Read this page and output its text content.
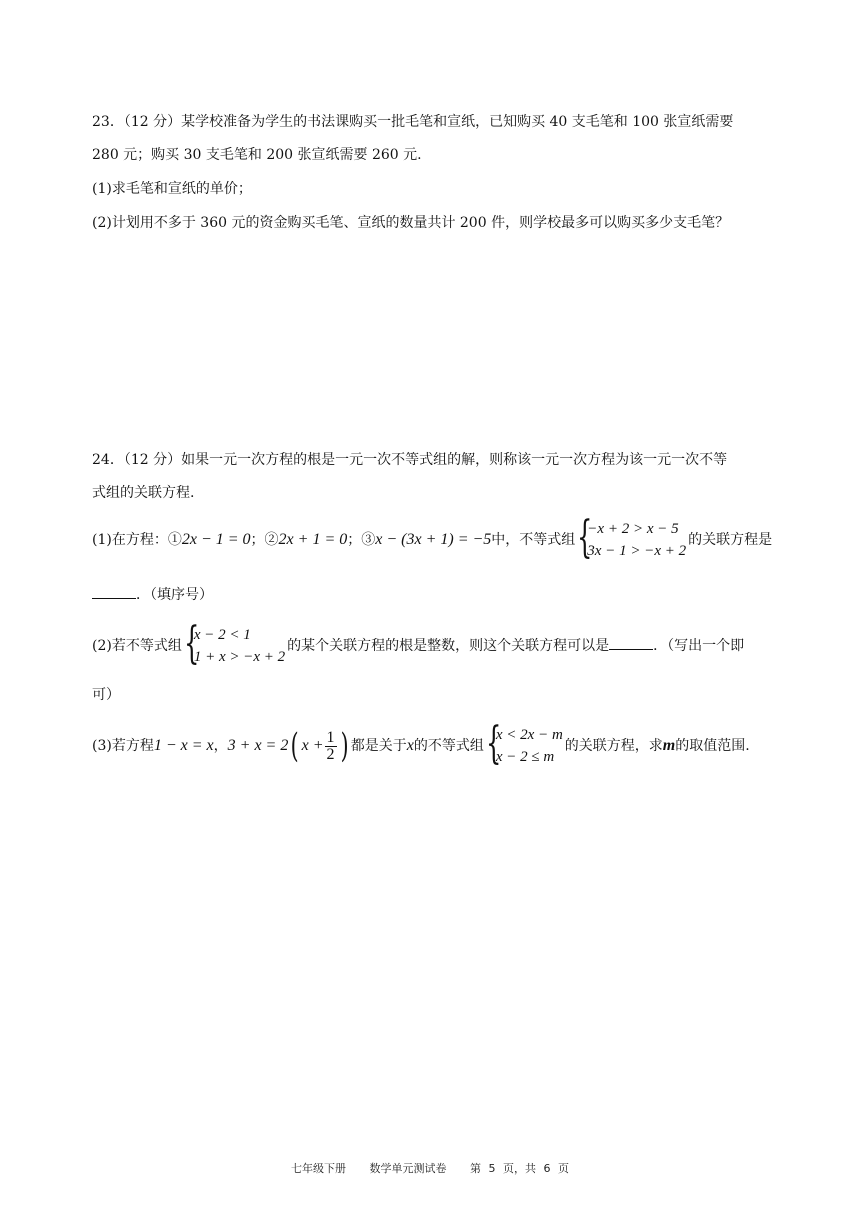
23．（12 分）某学校准备为学生的书法课购买一批毛笔和宣纸，已知购买 40 支毛笔和 100 张宣纸需要
280 元；购买 30 支毛笔和 200 张宣纸需要 260 元.
(1)求毛笔和宣纸的单价；
(2)计划用不多于 360 元的资金购买毛笔、宣纸的数量共计 200 件，则学校最多可以购买多少支毛笔？
24．（12 分）如果一元一次方程的根是一元一次不等式组的解，则称该一元一次方程为该一元一次不等
式组的关联方程.
(1)在方程：①2x − 1 = 0；②2x + 1 = 0；③x − (3x + 1) = −5中，不等式组 {
−x + 2 > x − 5
3x − 1 > −x + 2
的关联方程是
．（填序号）
(2)若不等式组 {
x − 2 < 1
1 + x > −x + 2
的某个关联方程的根是整数，则这个关联方程可以是	．（写出一个即
可）
(3)若方程1 − x = x，3 + x = 2( $x + \frac{1}{2}$ ) 都是关于x的不等式组 {
x < 2x − m
x − 2 ≤ m
的关联方程，求m的取值范围.
七年级下册 数学单元测试卷 第 5 页，共 6 页
